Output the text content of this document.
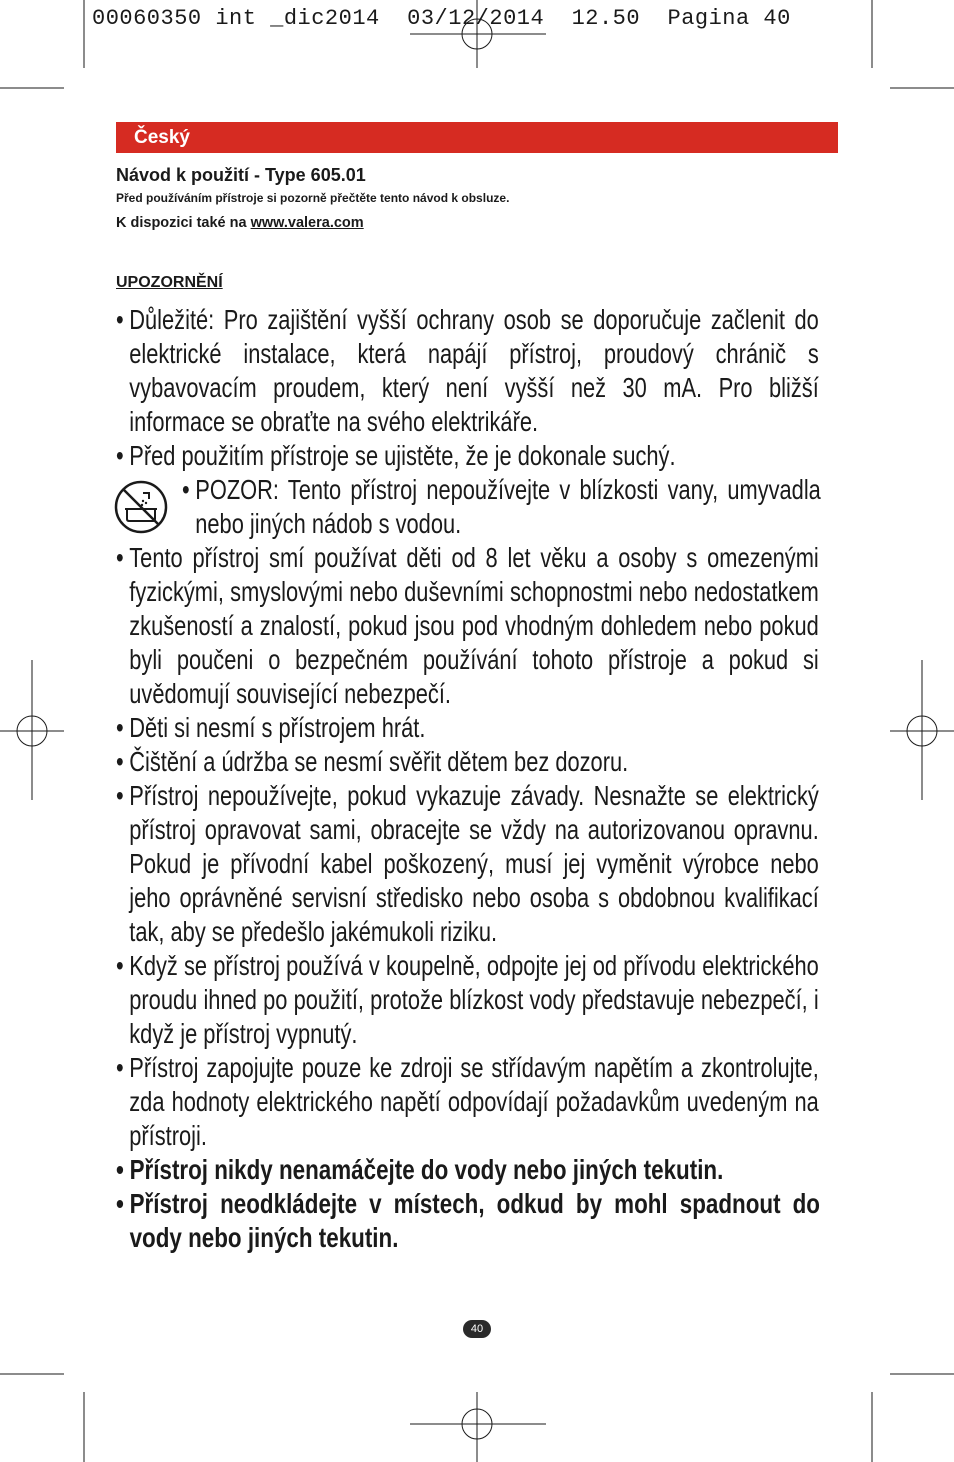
00060350 int _dic2014  03/12/2014  12.50  Pagina 40
Český
Návod k použití - Type 605.01
Před používáním přístroje si pozorně přečtěte tento návod k obsluze.
K dispozici také na www.valera.com
UPOZORNĚNÍ
• Důležité: Pro zajištění vyšší ochrany osob se doporučuje začlenit do elektrické instalace, která napájí přístroj, proudový chránič s vybavovacím proudem, který není vyšší než 30 mA. Pro bližší informace se obraťte na svého elektrikáře.
• Před použitím přístroje se ujistěte, že je dokonale suchý.
• POZOR: Tento přístroj nepoužívejte v blízkosti vany, umyvadla nebo jiných nádob s vodou.
• Tento přístroj smí používat děti od 8 let věku a osoby s omezenými fyzickými, smyslovými nebo duševními schopnostmi nebo nedostatkem zkušeností a znalostí, pokud jsou pod vhodným dohledem nebo pokud byli poučeni o bezpečném používání tohoto přístroje a pokud si uvědomují související nebezpečí.
• Děti si nesmí s přístrojem hrát.
• Čištění a údržba se nesmí svěřit dětem bez dozoru.
• Přístroj nepoužívejte, pokud vykazuje závady. Nesnažte se elektrický přístroj opravovat sami, obracejte se vždy na autorizovanou opravnu. Pokud je přívodní kabel poškozený, musí jej vyměnit výrobce nebo jeho oprávněné servisní středisko nebo osoba s obdobnou kvalifikací tak, aby se předešlo jakémukoli riziku.
• Když se přístroj používá v koupelně, odpojte jej od přívodu elektrického proudu ihned po použití, protože blízkost vody představuje nebezpečí, i když je přístroj vypnutý.
• Přístroj zapojujte pouze ke zdroji se střídavým napětím a zkontrolujte, zda hodnoty elektrického napětí odpovídají požadavkům uvedeným na přístroji.
• Přístroj nikdy nenamáčejte do vody nebo jiných tekutin.
• Přístroj neodkládejte v místech, odkud by mohl spadnout do vody nebo jiných tekutin.
40
